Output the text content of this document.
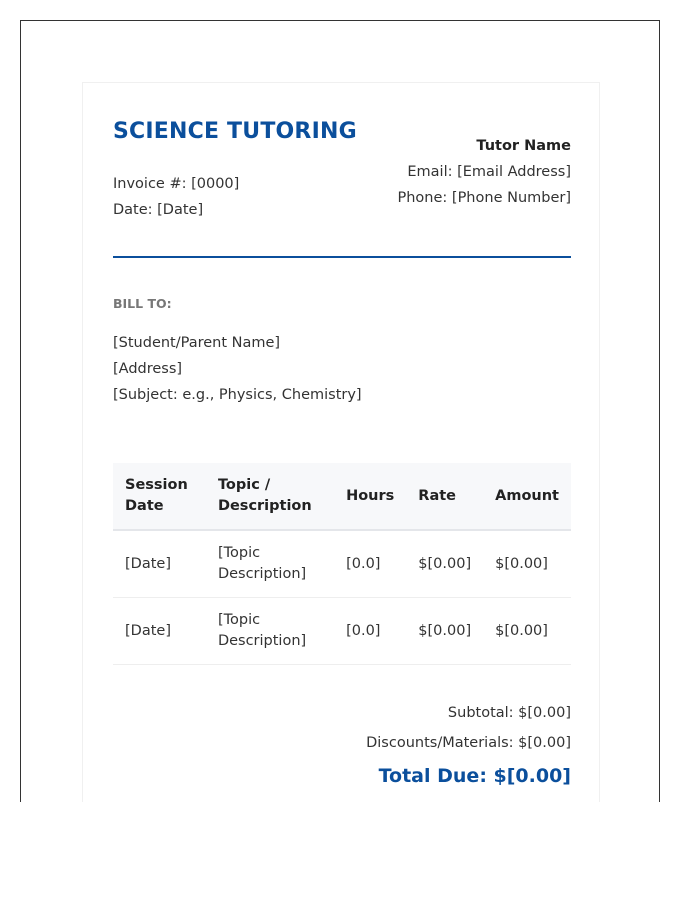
SCIENCE TUTORING
Invoice #: [0000]
Date: [Date]
Tutor Name
Email: [Email Address]
Phone: [Phone Number]
BILL TO:
[Student/Parent Name]
[Address]
[Subject: e.g., Physics, Chemistry]
Session Date	Topic / Description	Hours	Rate	Amount
[Date]	[Topic Description]	[0.0]	$[0.00]	$[0.00]
[Date]	[Topic Description]	[0.0]	$[0.00]	$[0.00]
Subtotal: $[0.00]
Discounts/Materials: $[0.00]
Total Due: $[0.00]
